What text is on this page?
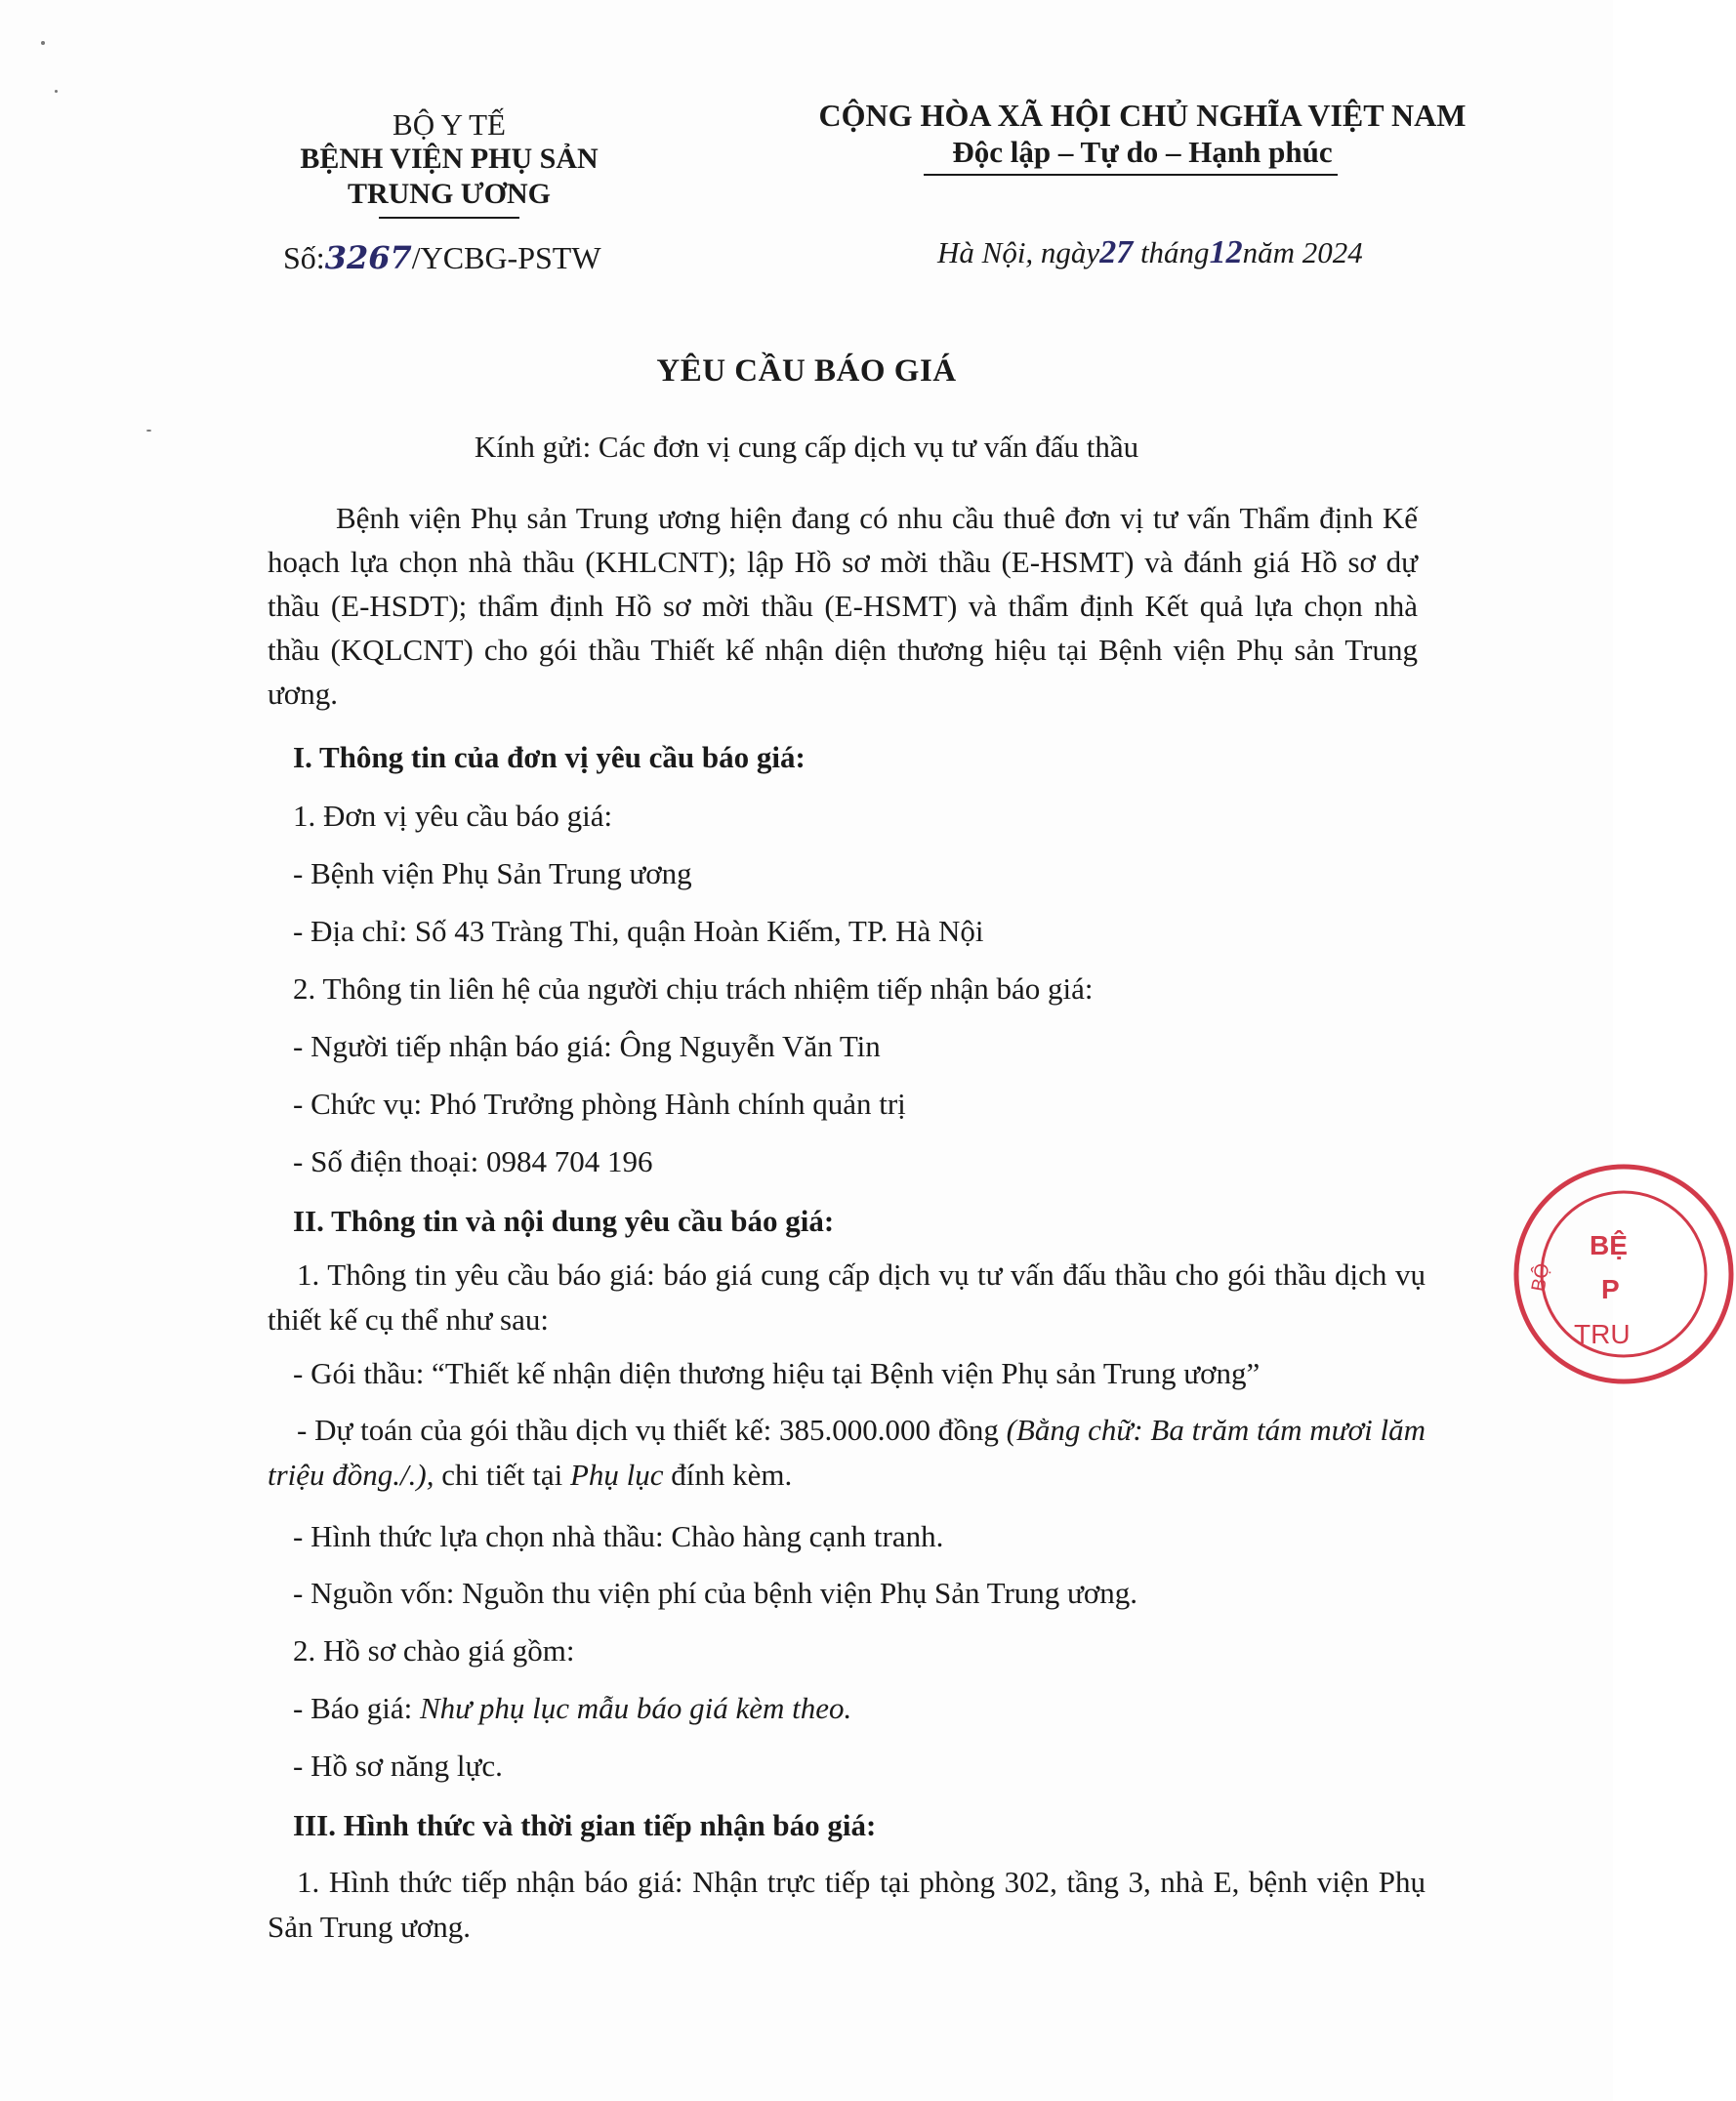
BỘ Y TẾ
BỆNH VIỆN PHỤ SẢN
TRUNG ƯƠNG
CỘNG HÒA XÃ HỘI CHỦ NGHĨA VIỆT NAM
Độc lập – Tự do – Hạnh phúc
Số:3267/YCBG-PSTW	Hà Nội, ngày27 tháng12năm 2024
YÊU CẦU BÁO GIÁ
Kính gửi: Các đơn vị cung cấp dịch vụ tư vấn đấu thầu
Bệnh viện Phụ sản Trung ương hiện đang có nhu cầu thuê đơn vị tư vấn Thẩm định Kế hoạch lựa chọn nhà thầu (KHLCNT); lập Hồ sơ mời thầu (E-HSMT) và đánh giá Hồ sơ dự thầu (E-HSDT); thẩm định Hồ sơ mời thầu (E-HSMT) và thẩm định Kết quả lựa chọn nhà thầu (KQLCNT) cho gói thầu Thiết kế nhận diện thương hiệu tại Bệnh viện Phụ sản Trung ương.
I. Thông tin của đơn vị yêu cầu báo giá:
1. Đơn vị yêu cầu báo giá:
- Bệnh viện Phụ Sản Trung ương
- Địa chỉ: Số 43 Tràng Thi, quận Hoàn Kiếm, TP. Hà Nội
2. Thông tin liên hệ của người chịu trách nhiệm tiếp nhận báo giá:
- Người tiếp nhận báo giá: Ông Nguyễn Văn Tin
- Chức vụ: Phó Trưởng phòng Hành chính quản trị
- Số điện thoại: 0984 704 196
II. Thông tin và nội dung yêu cầu báo giá:
1. Thông tin yêu cầu báo giá: báo giá cung cấp dịch vụ tư vấn đấu thầu cho gói thầu dịch vụ thiết kế cụ thể như sau:
- Gói thầu: “Thiết kế nhận diện thương hiệu tại Bệnh viện Phụ sản Trung ương”
- Dự toán của gói thầu dịch vụ thiết kế: 385.000.000 đồng (Bằng chữ: Ba trăm tám mươi lăm triệu đồng./.), chi tiết tại Phụ lục đính kèm.
- Hình thức lựa chọn nhà thầu: Chào hàng cạnh tranh.
- Nguồn vốn: Nguồn thu viện phí của bệnh viện Phụ Sản Trung ương.
2. Hồ sơ chào giá gồm:
- Báo giá: Như phụ lục mẫu báo giá kèm theo.
- Hồ sơ năng lực.
III. Hình thức và thời gian tiếp nhận báo giá:
1. Hình thức tiếp nhận báo giá: Nhận trực tiếp tại phòng 302, tầng 3, nhà E, bệnh viện Phụ Sản Trung ương.
BỆ
P
TRU
BỘ
